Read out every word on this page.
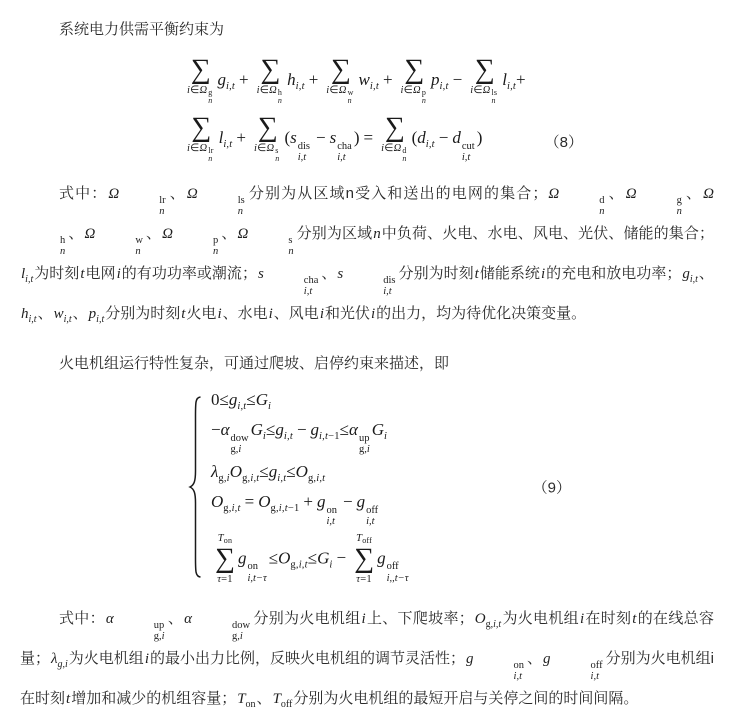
系统电力供需平衡约束为

∑
i∈Ω g
n
$g_{i,t}$ + ∑
i∈Ω h
n
$h_{i,t}$ + ∑
i∈Ω w
n
$w_{i,t}$ + ∑
i∈Ω p
n
$p_{i,t}$ − ∑
i∈Ω ls
n
$l_{i,t}+$
∑
i∈Ω lr
n
$l_{i,t}$ + ∑
i∈Ω s
n
(s dis
i,t
− s cha
i,t
) = ∑
i∈Ω d
n
($d_{i,t} - d$ cut
i,t
)	（8）

式中：Ω	lr
n
、Ω	ls
n
分别为从区域n受入和送出的电网的集合；Ω	d
n
、Ω	g
n
、Ω
h
n
、Ω	w
n
、Ω	p
n
、Ω	s
n
分别为区域n中负荷、火电、水电、风电、光伏、储能的集合；$l_{i,t}$为时刻t电网i的有功功率或潮流；s	cha
i,t
、s	dis
i,t
分别为时刻t储能系统i的充电和放电功率；$g_{i,t}$、$h_{i,t}$、$w_{i,t}$、$p_{i,t}$分别为时刻t火电i、水电i、风电i和光伏i的出力，均为待优化决策变量。

火电机组运行特性复杂，可通过爬坡、启停约束来描述，即

$0\le g_{i,t}\le G_i$
−α dow
g,i
$G_i\le g_{i,t} - g_{i,t-1}\le\alpha$ up
g,i
$G_i$
$\lambda_{g,i}O_{g,i,t}\le g_{i,t}\le O_{g,i,t}$
$O_{g,i,t} = O_{g,i,t-1} + g$ on
i,t
− g off
i,t
$T_{on}$
∑
τ=1
g on
i,t−τ
$\le O_{g,i,t}\le G_i$ −
$T_{off}$
∑
τ=1
g off
i,,t−τ
（9）

式中：α	up
g,i
、α	dow
g,i
分别为火电机组i上、下爬坡率；$O_{g,i,t}$为火电机组i在时刻t的在线总容量；$\lambda_{g,i}$为火电机组i的最小出力比例，反映火电机组的调节灵活性；g	on
i,t
、g	off
i,t
分别为火电机组i在时刻t增加和减少的机组容量；$T_{on}$、$T_{off}$分别为火电机组的最短开启与关停之间的时间间隔。
